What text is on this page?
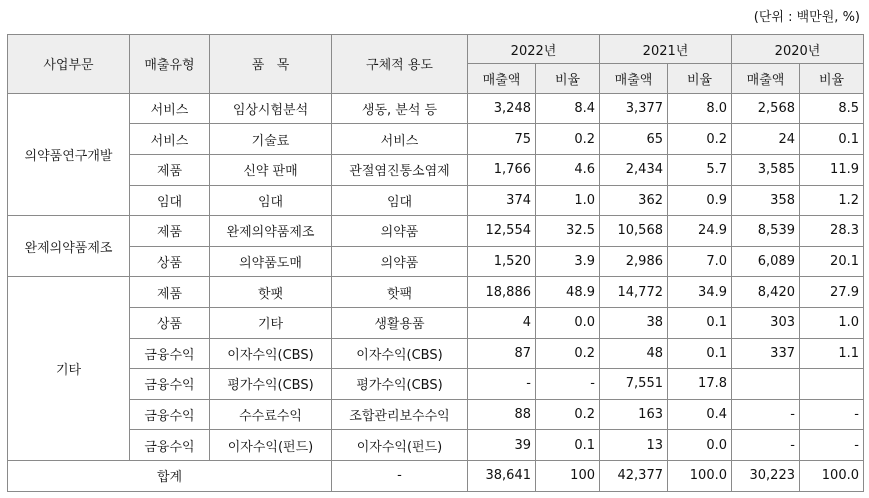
(단위 : 백만원, %)
사업부문	매출유형	품   목	구체적 용도	2022년		2021년		2020년	
				매출액	비율	매출액	비율	매출액	비율
의약품연구개발	서비스	임상시험분석	생동, 분석 등	3,248	8.4	3,377	8.0	2,568	8.5
	서비스	기술료	서비스	75	0.2	65	0.2	24	0.1
	제품	신약 판매	관절염진통소염제	1,766	4.6	2,434	5.7	3,585	11.9
	임대	임대	임대	374	1.0	362	0.9	358	1.2
완제의약품제조	제품	완제의약품제조	의약품	12,554	32.5	10,568	24.9	8,539	28.3
	상품	의약품도매	의약품	1,520	3.9	2,986	7.0	6,089	20.1
기타	제품	핫팻	핫팩	18,886	48.9	14,772	34.9	8,420	27.9
	상품	기타	생활용품	4	0.0	38	0.1	303	1.0
	금융수익	이자수익(CBS)	이자수익(CBS)	87	0.2	48	0.1	337	1.1
	금융수익	평가수익(CBS)	평가수익(CBS)	-	-	7,551	17.8		
	금융수익	수수료수익	조합관리보수수익	88	0.2	163	0.4	-	-
	금융수익	이자수익(펀드)	이자수익(펀드)	39	0.1	13	0.0	-	-
합계			-	38,641	100	42,377	100.0	30,223	100.0
